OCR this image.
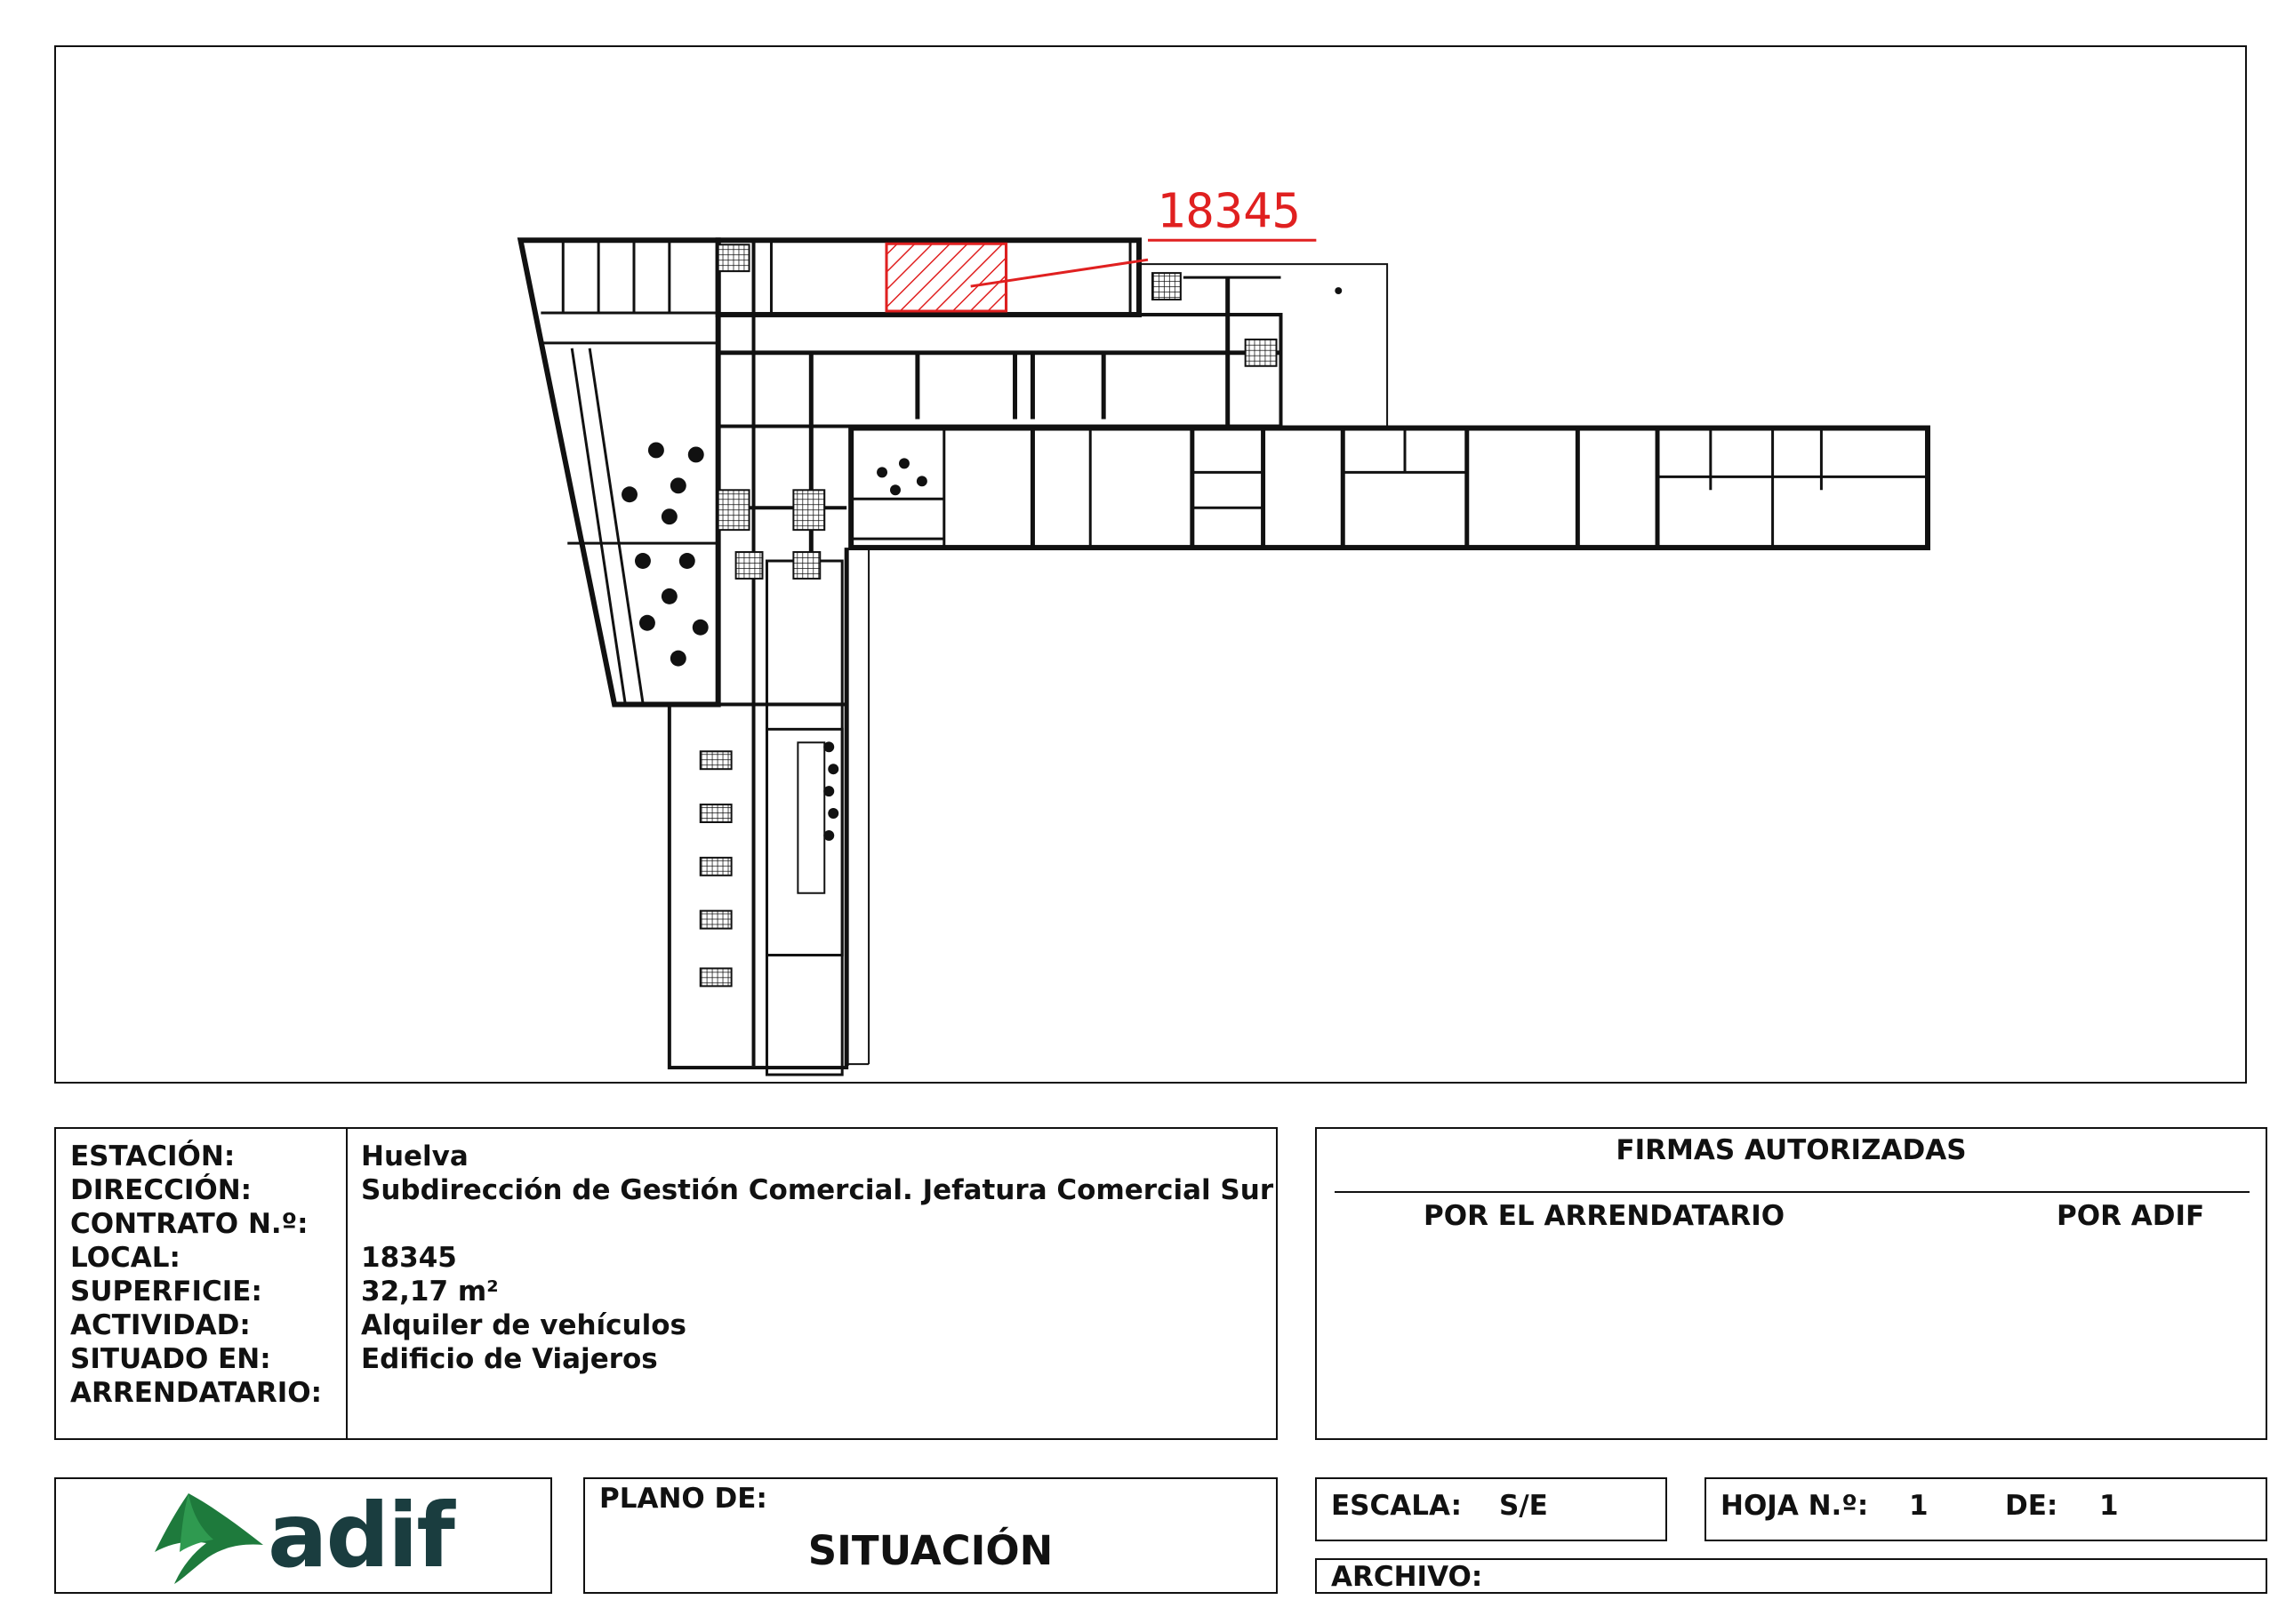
18345
ESTACIÓN:	Huelva
DIRECCIÓN:	Subdirección de Gestión Comercial. Jefatura Comercial Sur
CONTRATO N.º:
LOCAL:	18345
SUPERFICIE:	32,17 m²
ACTIVIDAD:	Alquiler de vehículos
SITUADO EN:	Edificio de Viajeros
ARRENDATARIO:
FIRMAS AUTORIZADAS
POR EL ARRENDATARIO	POR ADIF
adif	PLANO DE:
SITUACIÓN
ESCALA: S/E	HOJA N.º: 1	DE: 1
ARCHIVO:
